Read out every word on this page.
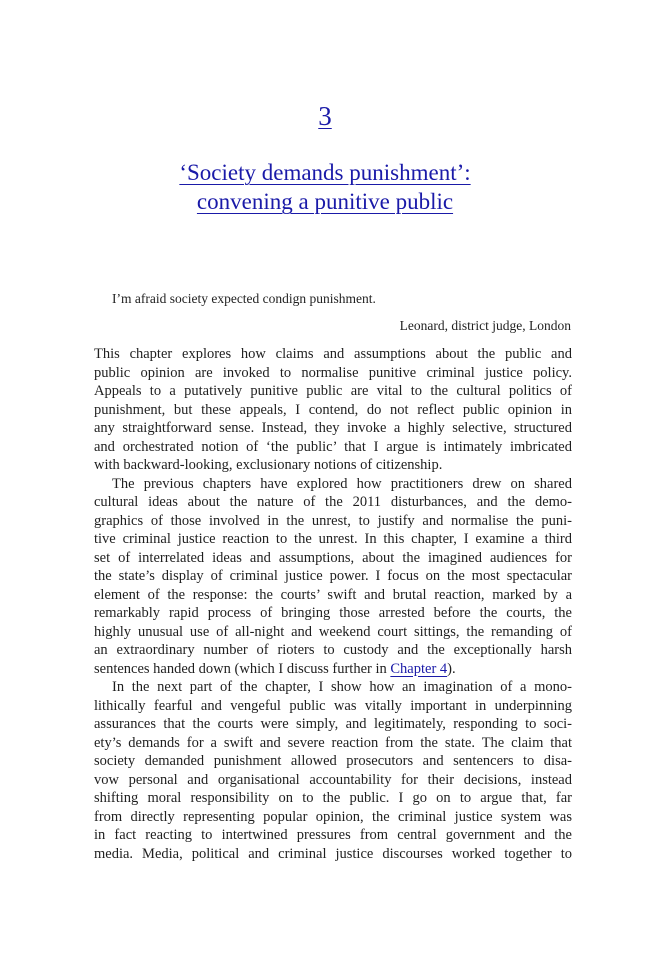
3
‘Society demands punishment’:
convening a punitive public
I’m afraid society expected condign punishment.
Leonard, district judge, London
This chapter explores how claims and assumptions about the public and
public opinion are invoked to normalise punitive criminal justice policy.
Appeals to a putatively punitive public are vital to the cultural politics of
punishment, but these appeals, I contend, do not reflect public opinion in
any straightforward sense. Instead, they invoke a highly selective, structured
and orchestrated notion of ‘the public’ that I argue is intimately imbricated
with backward-looking, exclusionary notions of citizenship.
The previous chapters have explored how practitioners drew on shared
cultural ideas about the nature of the 2011 disturbances, and the demo-
graphics of those involved in the unrest, to justify and normalise the puni-
tive criminal justice reaction to the unrest. In this chapter, I examine a third
set of interrelated ideas and assumptions, about the imagined audiences for
the state’s display of criminal justice power. I focus on the most spectacular
element of the response: the courts’ swift and brutal reaction, marked by a
remarkably rapid process of bringing those arrested before the courts, the
highly unusual use of all-night and weekend court sittings, the remanding of
an extraordinary number of rioters to custody and the exceptionally harsh
sentences handed down (which I discuss further in Chapter 4).
In the next part of the chapter, I show how an imagination of a mono-
lithically fearful and vengeful public was vitally important in underpinning
assurances that the courts were simply, and legitimately, responding to soci-
ety’s demands for a swift and severe reaction from the state. The claim that
society demanded punishment allowed prosecutors and sentencers to disa-
vow personal and organisational accountability for their decisions, instead
shifting moral responsibility on to the public. I go on to argue that, far
from directly representing popular opinion, the criminal justice system was
in fact reacting to intertwined pressures from central government and the
media. Media, political and criminal justice discourses worked together to
